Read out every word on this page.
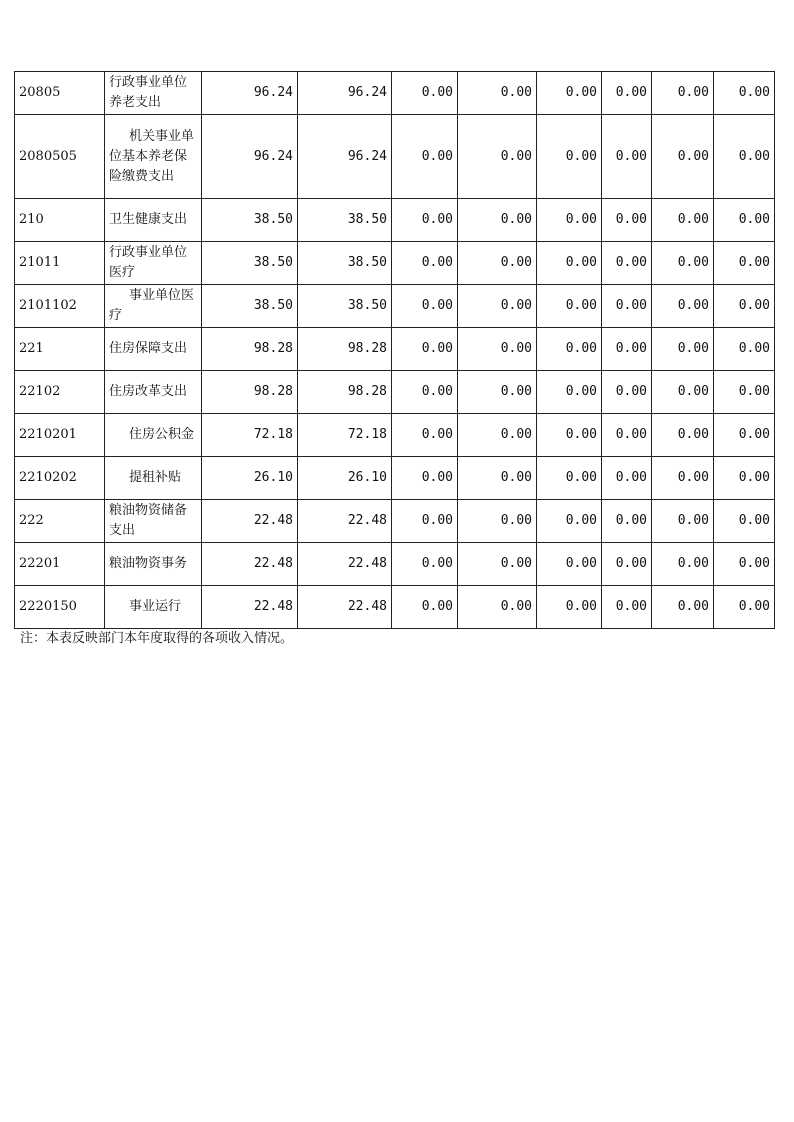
20805	行政事业单位养老支出	96.24	96.24	0.00	0.00	0.00	0.00	0.00	0.00
2080505	机关事业单位基本养老保险缴费支出	96.24	96.24	0.00	0.00	0.00	0.00	0.00	0.00
210	卫生健康支出	38.50	38.50	0.00	0.00	0.00	0.00	0.00	0.00
21011	行政事业单位医疗	38.50	38.50	0.00	0.00	0.00	0.00	0.00	0.00
2101102	事业单位医疗	38.50	38.50	0.00	0.00	0.00	0.00	0.00	0.00
221	住房保障支出	98.28	98.28	0.00	0.00	0.00	0.00	0.00	0.00
22102	住房改革支出	98.28	98.28	0.00	0.00	0.00	0.00	0.00	0.00
2210201	住房公积金	72.18	72.18	0.00	0.00	0.00	0.00	0.00	0.00
2210202	提租补贴	26.10	26.10	0.00	0.00	0.00	0.00	0.00	0.00
222	粮油物资储备支出	22.48	22.48	0.00	0.00	0.00	0.00	0.00	0.00
22201	粮油物资事务	22.48	22.48	0.00	0.00	0.00	0.00	0.00	0.00
2220150	事业运行	22.48	22.48	0.00	0.00	0.00	0.00	0.00	0.00
注：本表反映部门本年度取得的各项收入情况。
